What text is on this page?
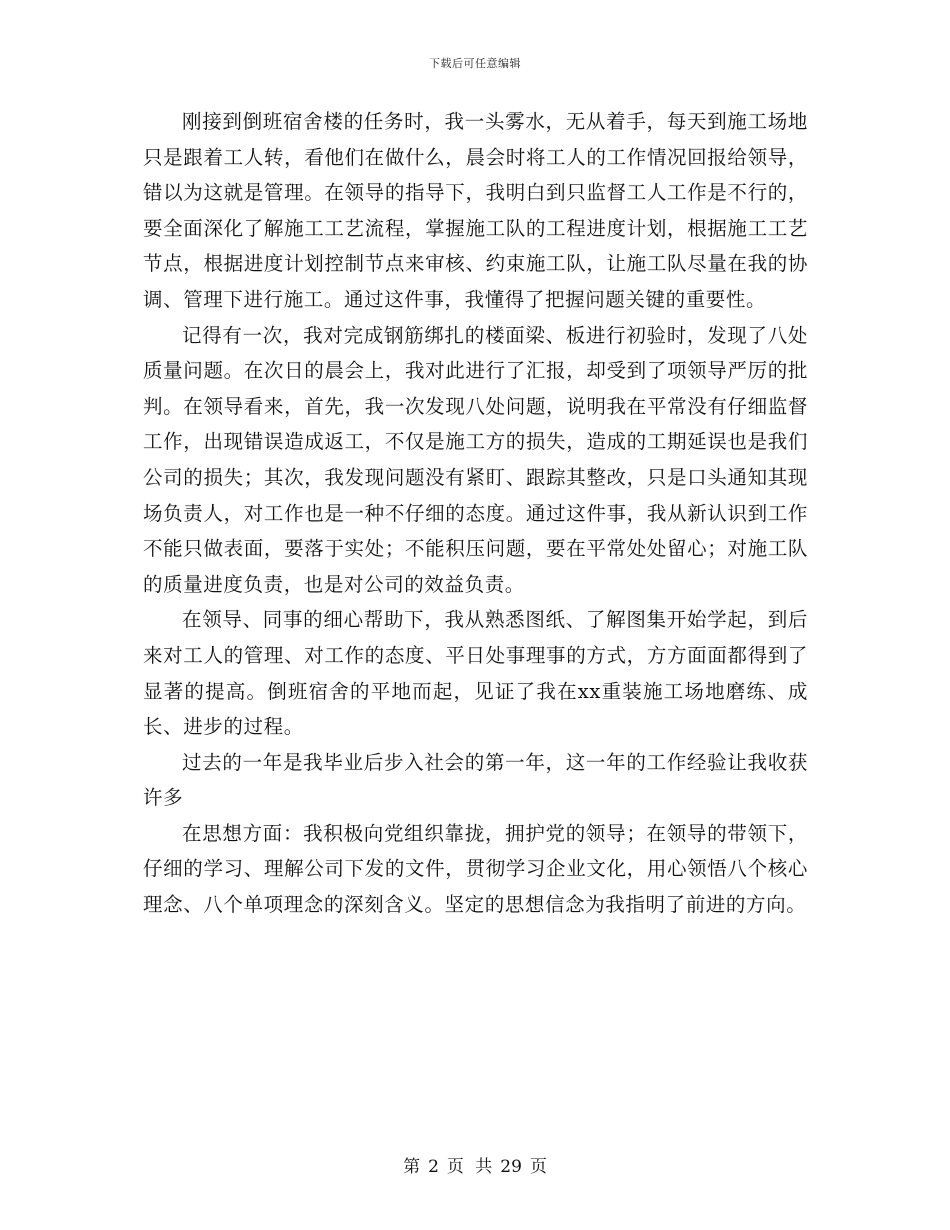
下载后可任意编辑

刚接到倒班宿舍楼的任务时，我一头雾水，无从着手，每天到施工场地只是跟着工人转，看他们在做什么，晨会时将工人的工作情况回报给领导，错以为这就是管理。在领导的指导下，我明白到只监督工人工作是不行的，要全面深化了解施工工艺流程，掌握施工队的工程进度计划，根据施工工艺节点，根据进度计划控制节点来审核、约束施工队，让施工队尽量在我的协调、管理下进行施工。通过这件事，我懂得了把握问题关键的重要性。

记得有一次，我对完成钢筋绑扎的楼面梁、板进行初验时，发现了八处质量问题。在次日的晨会上，我对此进行了汇报，却受到了项领导严厉的批判。在领导看来，首先，我一次发现八处问题，说明我在平常没有仔细监督工作，出现错误造成返工，不仅是施工方的损失，造成的工期延误也是我们公司的损失；其次，我发现问题没有紧盯、跟踪其整改，只是口头通知其现场负责人，对工作也是一种不仔细的态度。通过这件事，我从新认识到工作不能只做表面，要落于实处；不能积压问题，要在平常处处留心；对施工队的质量进度负责，也是对公司的效益负责。

在领导、同事的细心帮助下，我从熟悉图纸、了解图集开始学起，到后来对工人的管理、对工作的态度、平日处事理事的方式，方方面面都得到了显著的提高。倒班宿舍的平地而起，见证了我在xx重装施工场地磨练、成长、进步的过程。

过去的一年是我毕业后步入社会的第一年，这一年的工作经验让我收获许多

在思想方面：我积极向党组织靠拢，拥护党的领导；在领导的带领下，仔细的学习、理解公司下发的文件，贯彻学习企业文化，用心领悟八个核心理念、八个单项理念的深刻含义。坚定的思想信念为我指明了前进的方向。

第 2 页 共 29 页
